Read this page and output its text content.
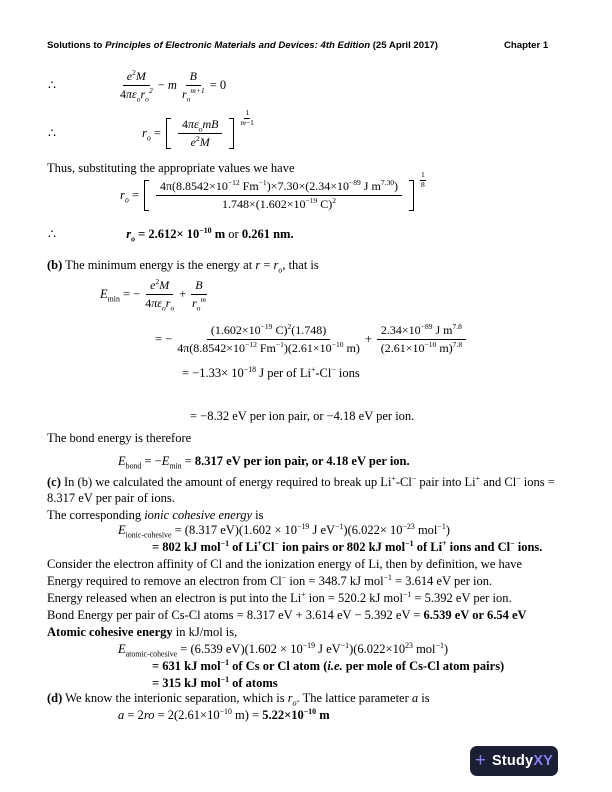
Solutions to Principles of Electronic Materials and Devices: 4th Edition (25 April 2017)	Chapter 1
∴	$\frac{e^2M}{4\pi\varepsilon_or_o^2} - m \frac{B}{r_o^{m+1}} = 0$
∴	$r_o = \frac{4\pi\varepsilon_omB}{e^2M} \frac{1}{m-1}$
Thus, substituting the appropriate values we have
$r_o = \frac{4\pi(8.8542\times 10^{-12} Fm^{-1})\times 7.30\times(2.34\times 10^{-89} J m^{7.30})}{1.748\times(1.602\times 10^{-19} C)^2} \frac{1}{8}$
∴	$r_o = 2.612\times 10^{-10}$ m or 0.261 nm.
(b) The minimum energy is the energy at $r = r_o$, that is
$E_{min}$ = − $\frac{e^2M}{4\pi\varepsilon_or_o} + \frac{B}{r_o^m}$
= − $\frac{(1.602\times 10^{-19} C)^2(1.748)}{4\pi(8.8542\times 10^{-12} Fm^{-1})(2.61\times 10^{-10} m)} + \frac{2.34\times 10^{-89} J m^{7.8}}{(2.61\times 10^{-10} m)^{7.8}}$
= $-1.33\times 10^{-18}$ J per of Li+-Cl− ions
= −8.32 eV per ion pair, or −4.18 eV per ion.
The bond energy is therefore
$E_{bond} = -E_{min} = 8.317$ eV per ion pair, or 4.18 eV per ion.
(c) In (b) we calculated the amount of energy required to break up Li+-Cl− pair into Li+ and Cl− ions =
8.317 eV per pair of ions.
The corresponding ionic cohesive energy is
$E_{ionic-cohesive} = (8.317$ $eV)(1.602 \times 10^{-19}$ J $eV^{-1})(6.022\times 10^{-23}$ mol$^{-1}$)
= 802 kJ mol$^{-1}$ of Li+Cl− ion pairs or 802 kJ mol$^{-1}$ of Li+ ions and Cl− ions.
Consider the electron affinity of Cl and the ionization energy of Li, then by definition, we have
Energy required to remove an electron from Cl− ion = 348.7 kJ mol$^{-1}$ = 3.614 eV per ion.
Energy released when an electron is put into the Li+ ion = 520.2 kJ mol$^{-1}$ = 5.392 eV per ion.
Bond Energy per pair of Cs-Cl atoms = 8.317 eV + 3.614 eV − 5.392 eV = 6.539 eV or 6.54 eV
Atomic cohesive energy in kJ/mol is,
$E_{atomic-cohesive} = (6.539$ $eV)(1.602 \times 10^{-19}$ J $eV^{-1})(6.022\times 10^{23}$ mol$^{-1}$)
= 631 kJ mol$^{-1}$ of Cs or Cl atom (i.e. per mole of Cs-Cl atom pairs)
= 315 kJ mol$^{-1}$ of atoms
(d) We know the interionic separation, which is $r_o$. The lattice parameter a is
$a = 2ro = 2(2.61\times 10^{-10}$ $m) = 5.22\times 10^{-10}$ m
+ StudyXY
